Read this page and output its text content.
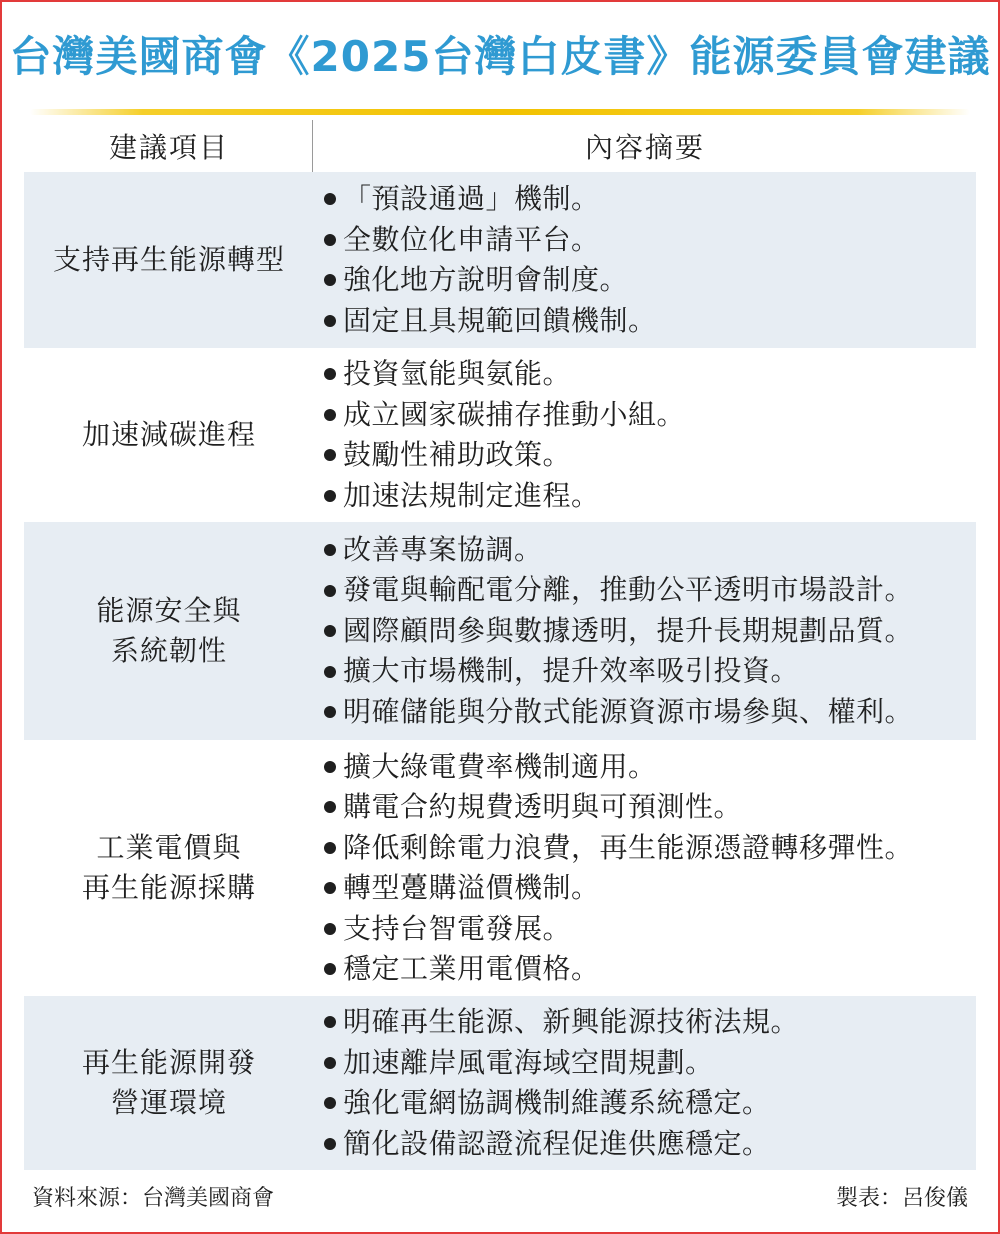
台灣美國商會《2025台灣白皮書》能源委員會建議
建議項目	內容摘要
支持再生能源轉型
「預設通過」機制。
全數位化申請平台。
強化地方說明會制度。
固定且具規範回饋機制。
加速減碳進程
投資氫能與氨能。
成立國家碳捕存推動小組。
鼓勵性補助政策。
加速法規制定進程。
能源安全與
系統韌性
改善專案協調。
發電與輸配電分離，推動公平透明市場設計。
國際顧問參與數據透明，提升長期規劃品質。
擴大市場機制，提升效率吸引投資。
明確儲能與分散式能源資源市場參與、權利。
工業電價與
再生能源採購
擴大綠電費率機制適用。
購電合約規費透明與可預測性。
降低剩餘電力浪費，再生能源憑證轉移彈性。
轉型躉購溢價機制。
支持台智電發展。
穩定工業用電價格。
再生能源開發
營運環境
明確再生能源、新興能源技術法規。
加速離岸風電海域空間規劃。
強化電網協調機制維護系統穩定。
簡化設備認證流程促進供應穩定。
資料來源：台灣美國商會	製表：呂俊儀
